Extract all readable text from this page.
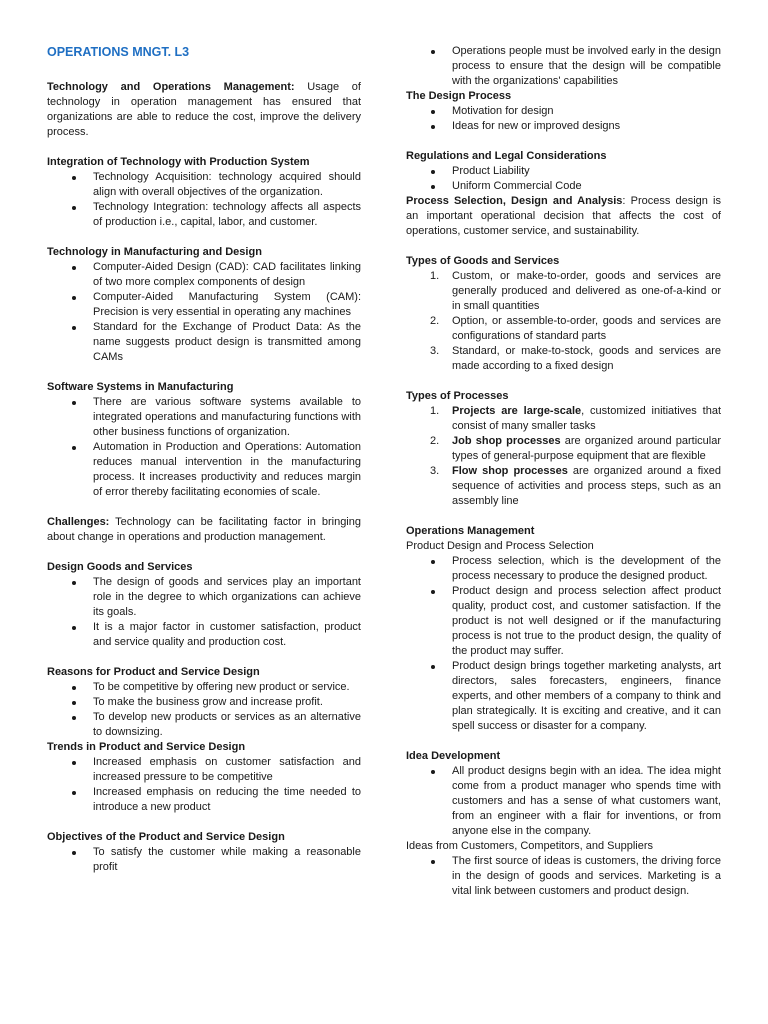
OPERATIONS MNGT. L3

Technology and Operations Management: Usage of technology in operation management has ensured that organizations are able to reduce the cost, improve the delivery process.

Integration of Technology with Production System
Technology Acquisition: technology acquired should align with overall objectives of the organization.
Technology Integration: technology affects all aspects of production i.e., capital, labor, and customer.
Technology in Manufacturing and Design
Computer-Aided Design (CAD): CAD facilitates linking of two more complex components of design
Computer-Aided Manufacturing System (CAM): Precision is very essential in operating any machines
Standard for the Exchange of Product Data: As the name suggests product design is transmitted among CAMs
Software Systems in Manufacturing
There are various software systems available to integrated operations and manufacturing functions with other business functions of organization.
Automation in Production and Operations: Automation reduces manual intervention in the manufacturing process. It increases productivity and reduces margin of error thereby facilitating economies of scale.

Challenges: Technology can be facilitating factor in bringing about change in operations and production management.

Design Goods and Services
The design of goods and services play an important role in the degree to which organizations can achieve its goals.
It is a major factor in customer satisfaction, product and service quality and production cost.
Reasons for Product and Service Design
To be competitive by offering new product or service.
To make the business grow and increase profit.
To develop new products or services as an alternative to downsizing.
Trends in Product and Service Design
Increased emphasis on customer satisfaction and increased pressure to be competitive
Increased emphasis on reducing the time needed to introduce a new product
Objectives of the Product and Service Design
To satisfy the customer while making a reasonable profit
Operations people must be involved early in the design process to ensure that the design will be compatible with the organizations' capabilities
The Design Process
Motivation for design
Ideas for new or improved designs
Regulations and Legal Considerations
Product Liability
Uniform Commercial Code

Process Selection, Design and Analysis: Process design is an important operational decision that affects the cost of operations, customer service, and sustainability.

Types of Goods and Services
1. Custom, or make-to-order, goods and services are generally produced and delivered as one-of-a-kind or in small quantities
2. Option, or assemble-to-order, goods and services are configurations of standard parts
3. Standard, or make-to-stock, goods and services are made according to a fixed design
Types of Processes
1. Projects are large-scale, customized initiatives that consist of many smaller tasks
2. Job shop processes are organized around particular types of general-purpose equipment that are flexible
3. Flow shop processes are organized around a fixed sequence of activities and process steps, such as an assembly line
Operations Management
Product Design and Process Selection
Process selection, which is the development of the process necessary to produce the designed product.
Product design and process selection affect product quality, product cost, and customer satisfaction. If the product is not well designed or if the manufacturing process is not true to the product design, the quality of the product may suffer.
Product design brings together marketing analysts, art directors, sales forecasters, engineers, finance experts, and other members of a company to think and plan strategically. It is exciting and creative, and it can spell success or disaster for a company.
Idea Development
All product designs begin with an idea. The idea might come from a product manager who spends time with customers and has a sense of what customers want, from an engineer with a flair for inventions, or from anyone else in the company.
Ideas from Customers, Competitors, and Suppliers
The first source of ideas is customers, the driving force in the design of goods and services. Marketing is a vital link between customers and product design.
